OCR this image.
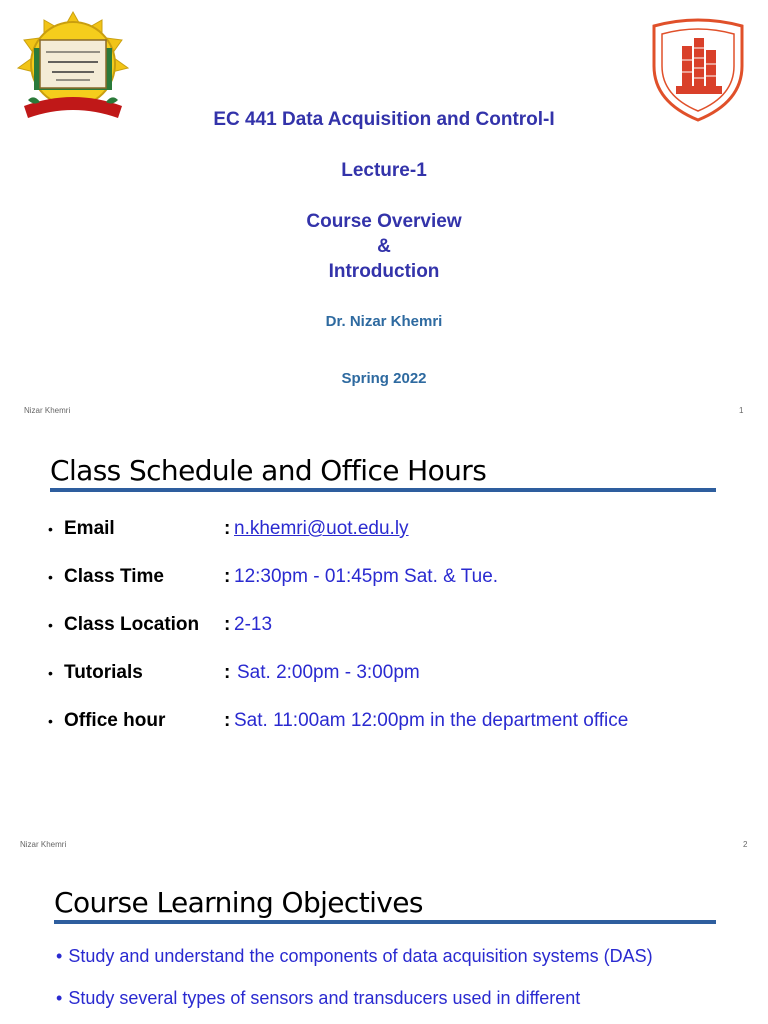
EC 441 Data Acquisition and Control-I
Lecture-1
Course Overview
&
Introduction
Dr. Nizar Khemri
Spring 2022
Nizar Khemri	1
Class Schedule and Office Hours
• Email	: n.khemri@uot.edu.ly
• Class Time	: 12:30pm - 01:45pm Sat. & Tue.
• Class Location	: 2-13
• Tutorials	: Sat. 2:00pm - 3:00pm
• Office hour	: Sat. 11:00am 12:00pm in the department office
Nizar Khemri	2
Course Learning Objectives
• Study and understand the components of data acquisition systems (DAS)
• Study several types of sensors and transducers used in different
